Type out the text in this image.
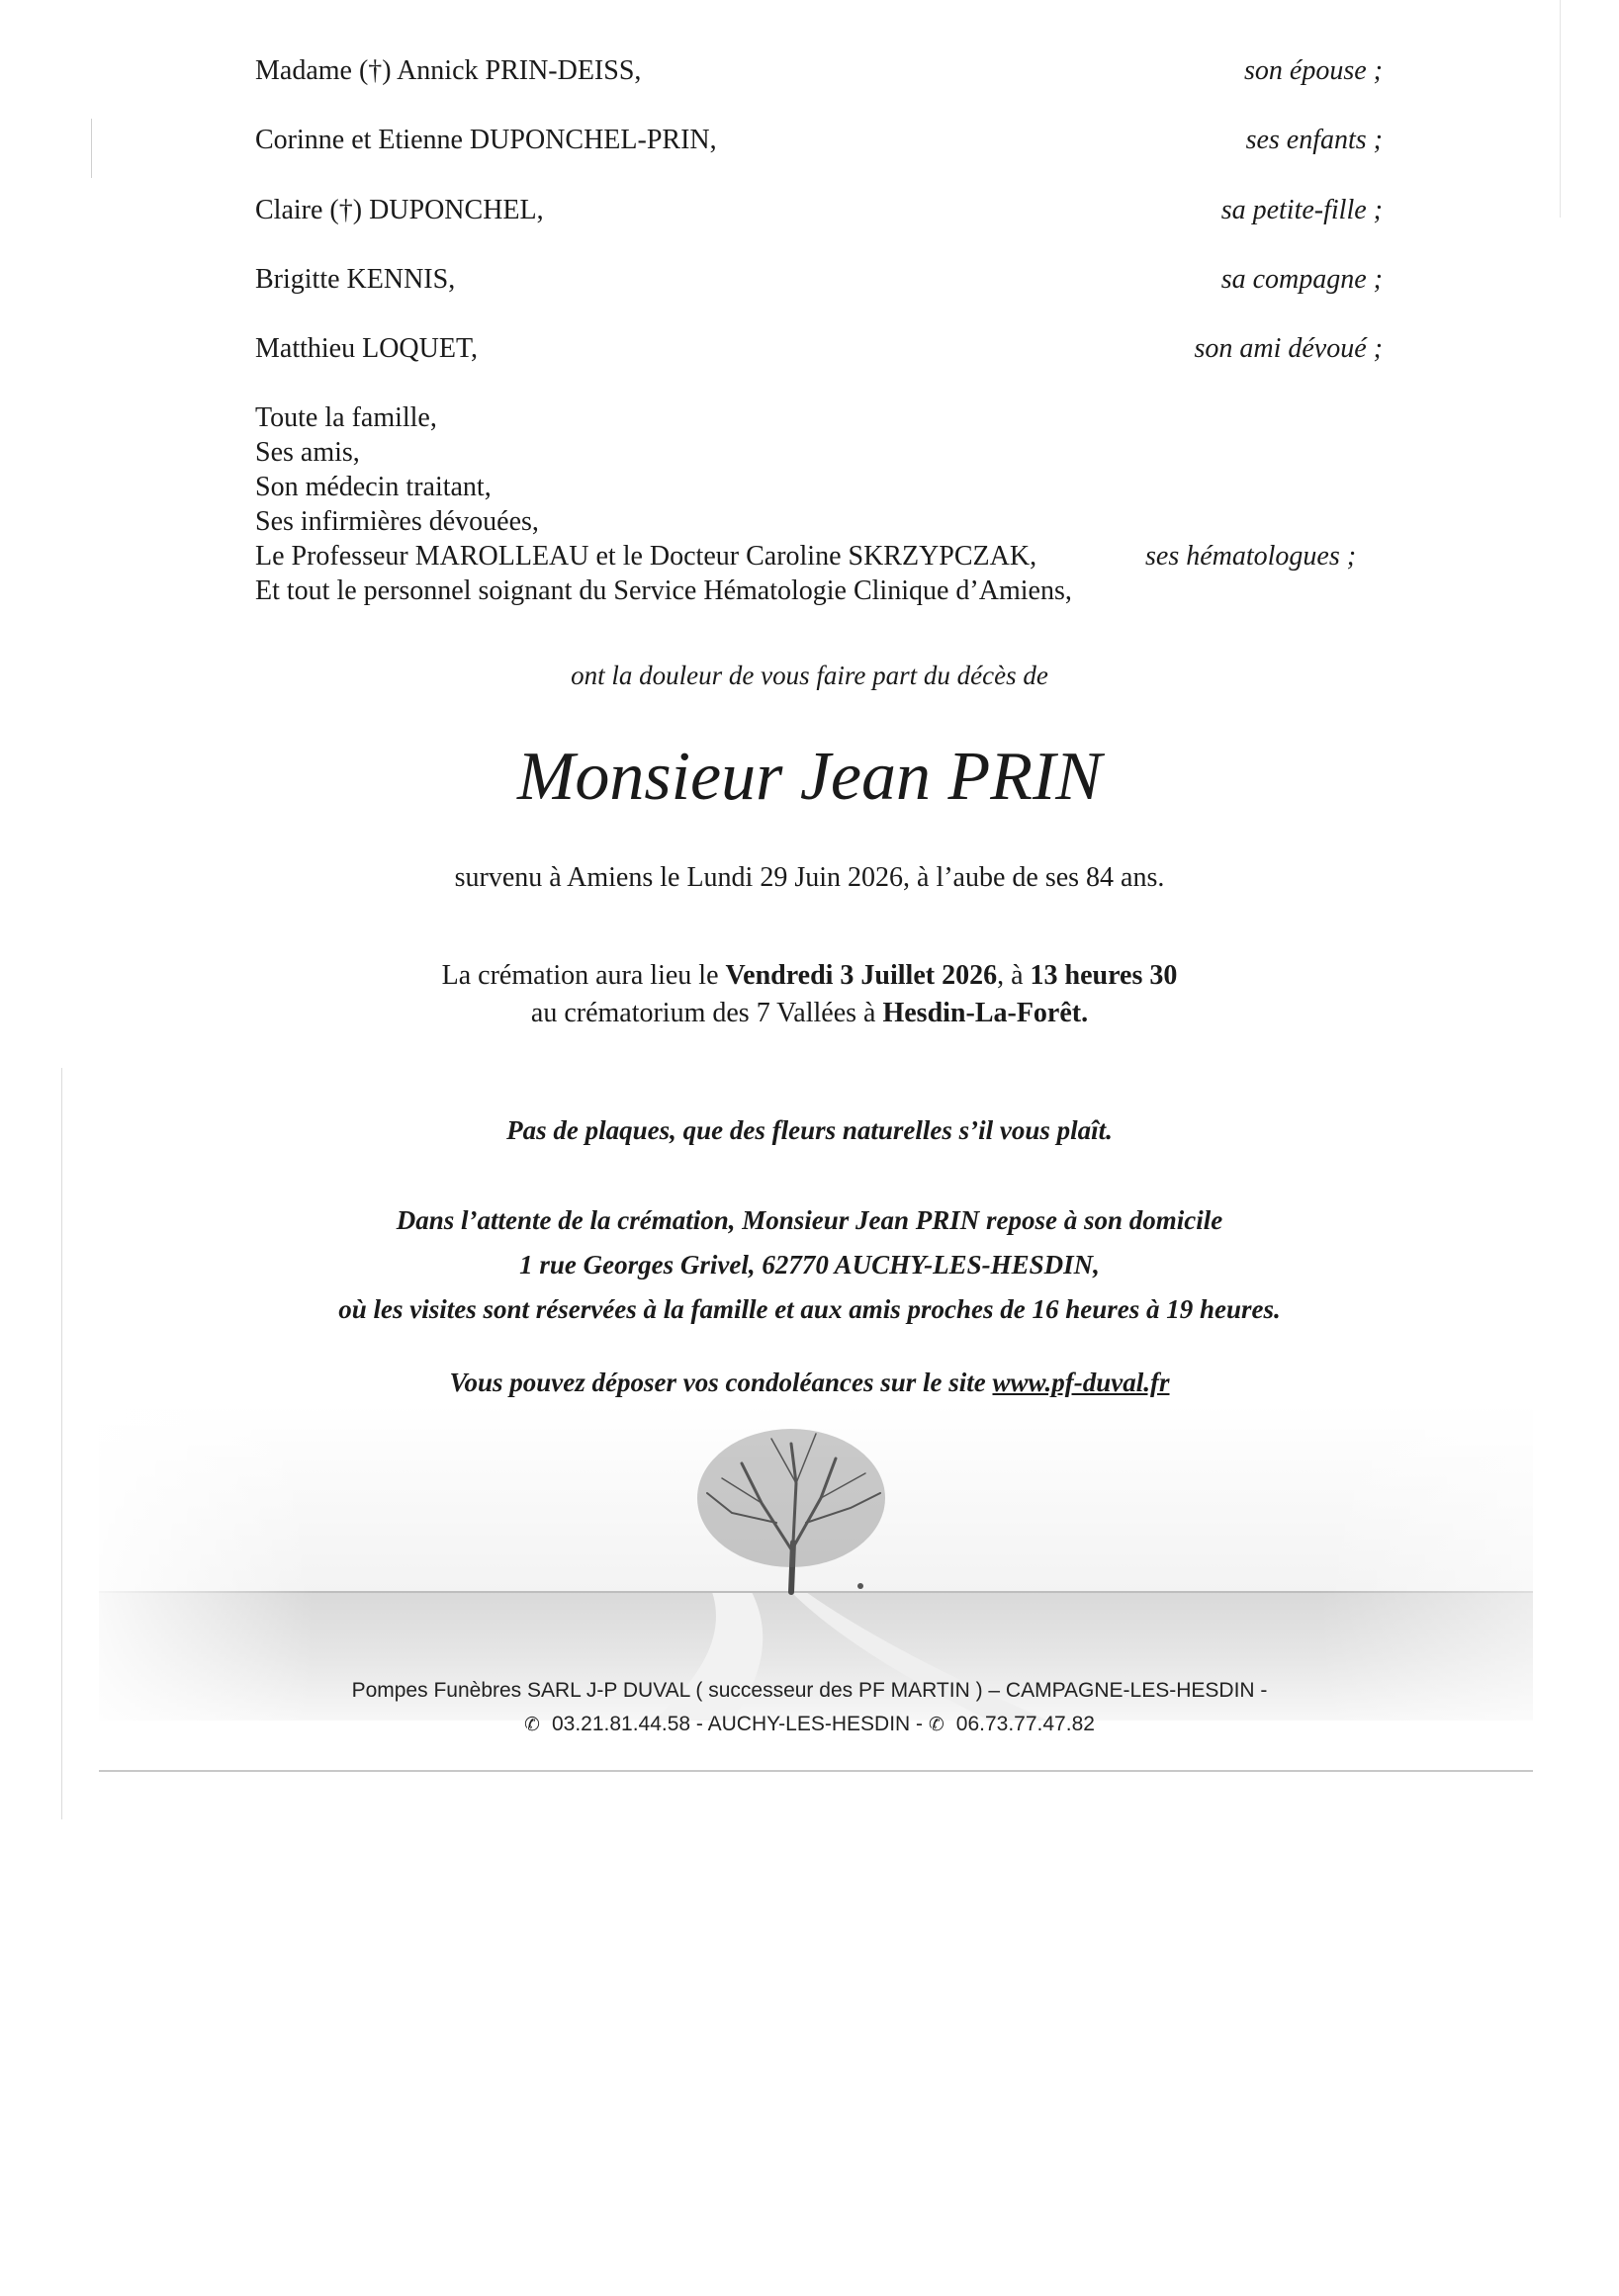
Madame (†) Annick PRIN-DEISS,	son épouse ;
Corinne et Etienne DUPONCHEL-PRIN,	ses enfants ;
Claire (†) DUPONCHEL,	sa petite-fille ;
Brigitte KENNIS,	sa compagne ;
Matthieu LOQUET,	son ami dévoué ;
Toute la famille,
Ses amis,
Son médecin traitant,
Ses infirmières dévouées,
Le Professeur MAROLLEAU et le Docteur Caroline SKRZYPCZAK,	ses hématologues ;
Et tout le personnel soignant du Service Hématologie Clinique d’Amiens,
ont la douleur de vous faire part du décès de
Monsieur Jean PRIN
survenu à Amiens le Lundi 29 Juin 2026, à l’aube de ses 84 ans.
La crémation aura lieu le Vendredi 3 Juillet 2026, à 13 heures 30
au crématorium des 7 Vallées à Hesdin-La-Forêt.
Pas de plaques, que des fleurs naturelles s’il vous plaît.
Dans l’attente de la crémation, Monsieur Jean PRIN repose à son domicile
1 rue Georges Grivel, 62770 AUCHY-LES-HESDIN,
où les visites sont réservées à la famille et aux amis proches de 16 heures à 19 heures.
Vous pouvez déposer vos condoléances sur le site www.pf-duval.fr
Pompes Funèbres SARL J-P DUVAL ( successeur des PF MARTIN ) – CAMPAGNE-LES-HESDIN -
✆ 03.21.81.44.58 - AUCHY-LES-HESDIN - ✆ 06.73.77.47.82
